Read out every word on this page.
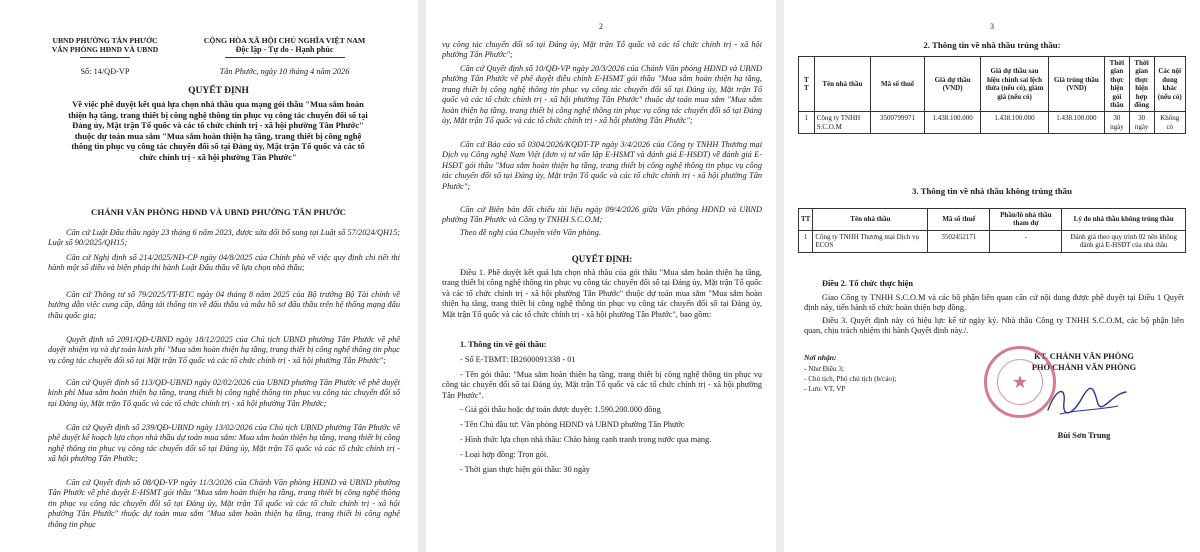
UBND PHƯỜNG TÂN PHƯỚC
VĂN PHÒNG HĐND VÀ UBND
CỘNG HÒA XÃ HỘI CHỦ NGHĨA VIỆT NAM
Độc lập - Tự do - Hạnh phúc
Số: 14/QĐ-VP	Tân Phước, ngày 10 tháng 4 năm 2026
QUYẾT ĐỊNH
Về việc phê duyệt kết quả lựa chọn nhà thầu qua mạng gói thầu "Mua sắm hoàn thiện hạ tầng, trang thiết bị công nghệ thông tin phục vụ công tác chuyển đổi số tại Đảng ủy, Mặt trận Tổ quốc và các tổ chức chính trị - xã hội phường Tân Phước" thuộc dự toán mua sắm "Mua sắm hoàn thiện hạ tầng, trang thiết bị công nghệ thông tin phục vụ công tác chuyển đổi số tại Đảng ủy, Mặt trận Tổ quốc và các tổ chức chính trị - xã hội phường Tân Phước"
CHÁNH VĂN PHÒNG HĐND VÀ UBND PHƯỜNG TÂN PHƯỚC
Căn cứ Luật Đấu thầu ngày 23 tháng 6 năm 2023, được sửa đổi bổ sung tại Luật số 57/2024/QH15; Luật số 90/2025/QH15;
Căn cứ Nghị định số 214/2025/NĐ-CP ngày 04/8/2025 của Chính phủ về việc quy định chi tiết thi hành một số điều và biện pháp thi hành Luật Đấu thầu về lựa chọn nhà thầu;
Căn cứ Thông tư số 79/2025/TT-BTC ngày 04 tháng 8 năm 2025 của Bộ trưởng Bộ Tài chính về hướng dẫn việc cung cấp, đăng tải thông tin về đấu thầu và mẫu hồ sơ đấu thầu trên hệ thống mạng đấu thầu quốc gia;
Quyết định số 2091/QĐ-UBND ngày 18/12/2025 của Chủ tịch UBND phường Tân Phước về phê duyệt nhiệm vụ và dự toán kinh phí "Mua sắm hoàn thiện hạ tầng, trang thiết bị công nghệ thông tin phục vụ công tác chuyển đổi số tại Mặt trận Tổ quốc và các tổ chức chính trị - xã hội phường Tân Phước";
Căn cứ Quyết định số 113/QĐ-UBND ngày 02/02/2026 của UBND phường Tân Phước về phê duyệt kinh phí Mua sắm hoàn thiện hạ tầng, trang thiết bị công nghệ thông tin phục vụ công tác chuyển đổi số tại Đảng ủy, Mặt trận Tổ quốc và các tổ chức chính trị - xã hội phường Tân Phước;
Căn cứ Quyết định số 239/QĐ-UBND ngày 13/02/2026 của Chủ tịch UBND phường Tân Phước về phê duyệt kế hoạch lựa chọn nhà thầu dự toán mua sắm: Mua sắm hoàn thiện hạ tầng, trang thiết bị công nghệ thông tin phục vụ công tác chuyển đổi số tại Đảng ủy, Mặt trận Tổ quốc và các tổ chức chính trị - xã hội phường Tân Phước;
Căn cứ Quyết định số 08/QĐ-VP ngày 11/3/2026 của Chánh Văn phòng HĐND và UBND phường Tân Phước về phê duyệt E-HSMT gói thầu "Mua sắm hoàn thiện hạ tầng, trang thiết bị công nghệ thông tin phục vụ công tác chuyển đổi số tại Đảng ủy, Mặt trận Tổ quốc và các tổ chức chính trị - xã hội phường Tân Phước" thuộc dự toán mua sắm "Mua sắm hoàn thiện hạ tầng, trang thiết bị công nghệ thông tin phục
2
vụ công tác chuyển đổi số tại Đảng ủy, Mặt trận Tổ quốc và các tổ chức chính trị - xã hội phường Tân Phước";
Căn cứ Quyết định số 10/QĐ-VP ngày 20/3/2026 của Chánh Văn phòng HĐND và UBND phường Tân Phước về phê duyệt điều chỉnh E-HSMT gói thầu "Mua sắm hoàn thiện hạ tầng, trang thiết bị công nghệ thông tin phục vụ công tác chuyển đổi số tại Đảng ủy, Mặt trận Tổ quốc và các tổ chức chính trị - xã hội phường Tân Phước" thuộc dự toán mua sắm "Mua sắm hoàn thiện hạ tầng, trang thiết bị công nghệ thông tin phục vụ công tác chuyển đổi số tại Đảng ủy, Mặt trận Tổ quốc và các tổ chức chính trị - xã hội phường Tân Phước";
Căn cứ Báo cáo số 0304/2026/KQĐT-TP ngày 3/4/2026 của Công ty TNHH Thương mại Dịch vụ Công nghệ Nam Việt (đơn vị tư vấn lập E-HSMT và đánh giá E-HSĐT) về đánh giá E-HSĐT gói thầu "Mua sắm hoàn thiện hạ tầng, trang thiết bị công nghệ thông tin phục vụ công tác chuyển đổi số tại Đảng ủy, Mặt trận Tổ quốc và các tổ chức chính trị - xã hội phường Tân Phước";
Căn cứ Biên bản đối chiếu tài liệu ngày 09/4/2026 giữa Văn phòng HĐND và UBND phường Tân Phước và Công ty TNHH S.C.O.M;
Theo đề nghị của Chuyên viên Văn phòng.
QUYẾT ĐỊNH:
Điều 1. Phê duyệt kết quả lựa chọn nhà thầu của gói thầu "Mua sắm hoàn thiện hạ tầng, trang thiết bị công nghệ thông tin phục vụ công tác chuyển đổi số tại Đảng ủy, Mặt trận Tổ quốc và các tổ chức chính trị - xã hội phường Tân Phước" thuộc dự toán mua sắm "Mua sắm hoàn thiện hạ tầng, trang thiết bị công nghệ thông tin phục vụ công tác chuyển đổi số tại Đảng ủy, Mặt trận Tổ quốc và các tổ chức chính trị - xã hội phường Tân Phước", bao gồm:
1. Thông tin về gói thầu:
- Số E-TBMT: IB2600091338 - 01
- Tên gói thầu: "Mua sắm hoàn thiện hạ tầng, trang thiết bị công nghệ thông tin phục vụ công tác chuyển đổi số tại Đảng ủy, Mặt trận Tổ quốc và các tổ chức chính trị - xã hội phường Tân Phước".
- Giá gói thầu hoặc dự toán được duyệt: 1.590.200.000 đồng
- Tên Chủ đầu tư: Văn phòng HĐND và UBND phường Tân Phước
- Hình thức lựa chọn nhà thầu: Chào hàng cạnh tranh trong nước qua mạng.
- Loại hợp đồng: Trọn gói.
- Thời gian thực hiện gói thầu: 30 ngày
3
2. Thông tin về nhà thầu trúng thầu:
T T	Tên nhà thầu	Mã số thuế	Giá dự thầu (VND)	Giá dự thầu sau hiệu chỉnh sai lệch thừa (nếu có), giảm giá (nếu có)	Giá trúng thầu (VND)	Thời gian thực hiện gói thầu	Thời gian thực hiện hợp đồng	Các nội dung khác (nếu có)
1	Công ty TNHH S.C.O.M	3500799971	1.438.100.000	1.438.100.000	1.438.100.000	30 ngày	30 ngày	Không có
3. Thông tin về nhà thầu không trúng thầu
TT	Tên nhà thầu	Mã số thuế	Phần/lô nhà thầu tham dự	Lý do nhà thầu không trúng thầu
1	Công ty TNHH Thương mại Dịch vụ ECOS	3502452171	-	Đánh giá theo quy trình 02 nên không đánh giá E-HSĐT của nhà thầu
Điều 2. Tổ chức thực hiện
Giao Công ty TNHH S.C.O.M và các bộ phận liên quan căn cứ nội dung được phê duyệt tại Điều 1 Quyết định này, tiến hành tổ chức hoàn thiện hợp đồng.
Điều 3. Quyết định này có hiệu lực kể từ ngày ký. Nhà thầu Công ty TNHH S.C.O.M, các bộ phận liên quan, chịu trách nhiệm thi hành Quyết định này./.
Nơi nhận:
- Như Điều 3;
- Chủ tịch, Phó chủ tịch (b/cáo);
- Lưu: VT, VP
KT. CHÁNH VĂN PHÒNG
PHÓ CHÁNH VĂN PHÒNG
★
Bùi Sơn Trung
